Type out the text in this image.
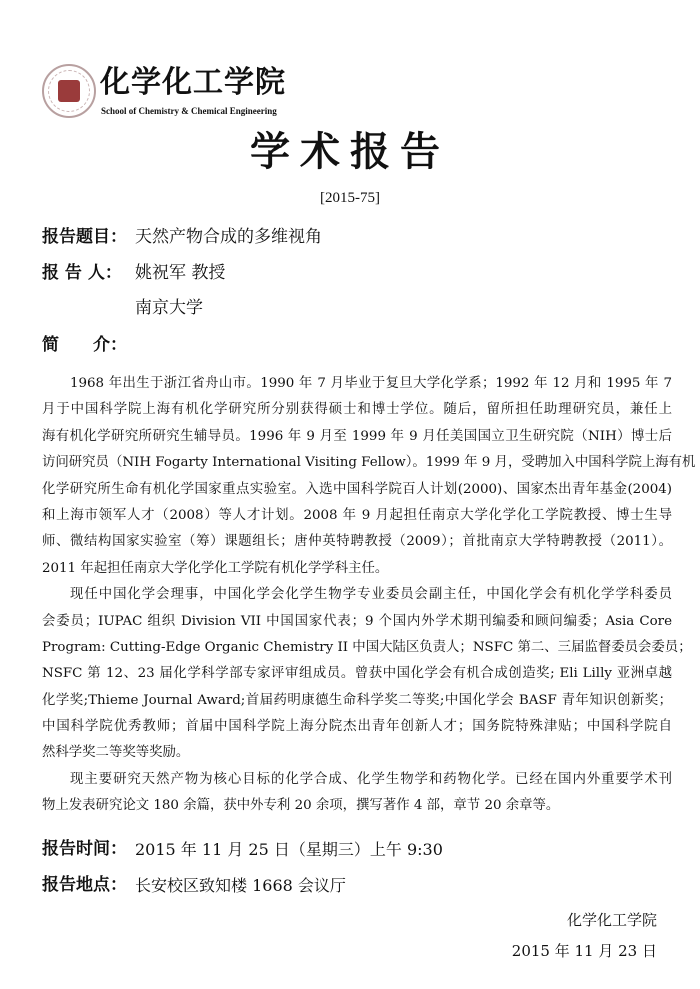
化学化工学院
School of Chemistry & Chemical Engineering
学术报告
[2015-75]
报告题目： 天然产物合成的多维视角
报 告 人： 姚祝军 教授
南京大学
简　　介：
1968 年出生于浙江省舟山市。1990 年 7 月毕业于复旦大学化学系；1992 年 12 月和 1995 年 7
月于中国科学院上海有机化学研究所分别获得硕士和博士学位。随后，留所担任助理研究员，兼任上
海有机化学研究所研究生辅导员。1996 年 9 月至 1999 年 9 月任美国国立卫生研究院（NIH）博士后
访问研究员（NIH Fogarty International Visiting Fellow）。1999 年 9 月，受聘加入中国科学院上海有机
化学研究所生命有机化学国家重点实验室。入选中国科学院百人计划(2000)、国家杰出青年基金(2004)
和上海市领军人才（2008）等人才计划。2008 年 9 月起担任南京大学化学化工学院教授、博士生导
师、微结构国家实验室（筹）课题组长；唐仲英特聘教授（2009）；首批南京大学特聘教授（2011）。
2011 年起担任南京大学化学化工学院有机化学学科主任。
现任中国化学会理事，中国化学会化学生物学专业委员会副主任，中国化学会有机化学学科委员
会委员；IUPAC 组织 Division VII 中国国家代表；9 个国内外学术期刊编委和顾问编委；Asia Core
Program: Cutting-Edge Organic Chemistry II 中国大陆区负责人；NSFC 第二、三届监督委员会委员；
NSFC 第 12、23 届化学科学部专家评审组成员。曾获中国化学会有机合成创造奖; Eli Lilly 亚洲卓越
化学奖;Thieme Journal Award;首届药明康德生命科学奖二等奖;中国化学会 BASF 青年知识创新奖；
中国科学院优秀教师；首届中国科学院上海分院杰出青年创新人才；国务院特殊津贴；中国科学院自
然科学奖二等奖等奖励。
现主要研究天然产物为核心目标的化学合成、化学生物学和药物化学。已经在国内外重要学术刊
物上发表研究论文 180 余篇，获中外专利 20 余项，撰写著作 4 部，章节 20 余章等。
报告时间： 2015 年 11 月 25 日（星期三）上午 9:30
报告地点： 长安校区致知楼 1668 会议厅
化学化工学院
2015 年 11 月 23 日
